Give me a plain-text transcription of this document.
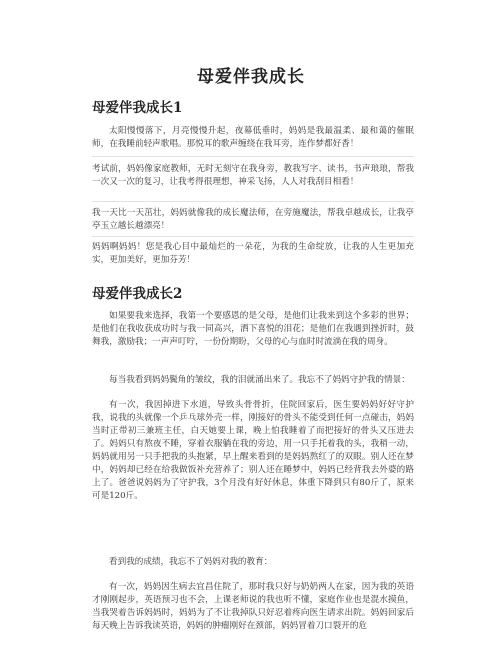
母爱伴我成长
母爱伴我成长1

太阳慢慢落下，月亮慢慢升起，夜幕低垂时，妈妈是我最温柔、最和蔼的催眠师，在我睡前轻声歌唱。那悦耳的歌声缠绕在我耳旁，连作梦都好香！

考试前，妈妈像家庭教师，无时无刻守在我身旁，教我写字、读书，书声琅琅，帮我一次又一次的复习，让我考得很理想，神采飞扬，人人对我刮目相看！

我一天比一天茁壮，妈妈就像我的成长魔法师，在旁施魔法，帮我卓越成长，让我亭亭玉立越长越漂亮！

妈妈啊妈妈！您是我心目中最灿烂的一朵花，为我的生命绽放，让我的人生更加充实，更加美好，更加芬芳！

母爱伴我成长2

如果要我来选择，我第一个要感恩的是父母，是他们让我来到这个多彩的世界；是他们在我收获成功时与我一同高兴，洒下喜悦的泪花；是他们在我遇到挫折时，鼓舞我，激励我；一声声叮咛，一份份期盼，父母的心与血时时流淌在我的周身。

每当我看到妈妈鬓角的皱纹，我的泪就涌出来了。我忘不了妈妈守护我的情景：

有一次，我因掉进下水道，导致头骨骨折，住院回家后，医生要妈妈好好守护我，说我的头就像一个乒乓球外壳一样，刚接好的骨头不能受到任何一点碰击，妈妈当时正带初三兼班主任，白天她要上课，晚上怕我睡着了而把接好的骨头又压进去了。妈妈只有熬夜不睡，穿着衣服躺在我的旁边，用一只手托着我的头，我稍一动，妈妈就用另一只手把我的头抱紧，早上醒来看到的是妈妈熬红了的双眼。别人还在梦中，妈妈却已经在给我做饭补充营养了；别人还在睡梦中，妈妈已经背我去外婆的路上了。爸爸说妈妈为了守护我，3个月没有好好休息，体重下降到只有80斤了，原来可是120斤。

看到我的成绩，我忘不了妈妈对我的教育：

有一次，妈妈因生病去宜昌住院了，那时我只好与奶奶两人在家，因为我的英语才刚刚起步，英语预习也不会，上课老师说的我也听不懂，家庭作业也是混水摸鱼，当我哭着告诉妈妈时，妈妈为了不让我掉队只好忍着疼向医生请求出院。妈妈回家后每天晚上告诉我读英语，妈妈的肿瘤刚好在颈部，妈妈冒着刀口裂开的危
